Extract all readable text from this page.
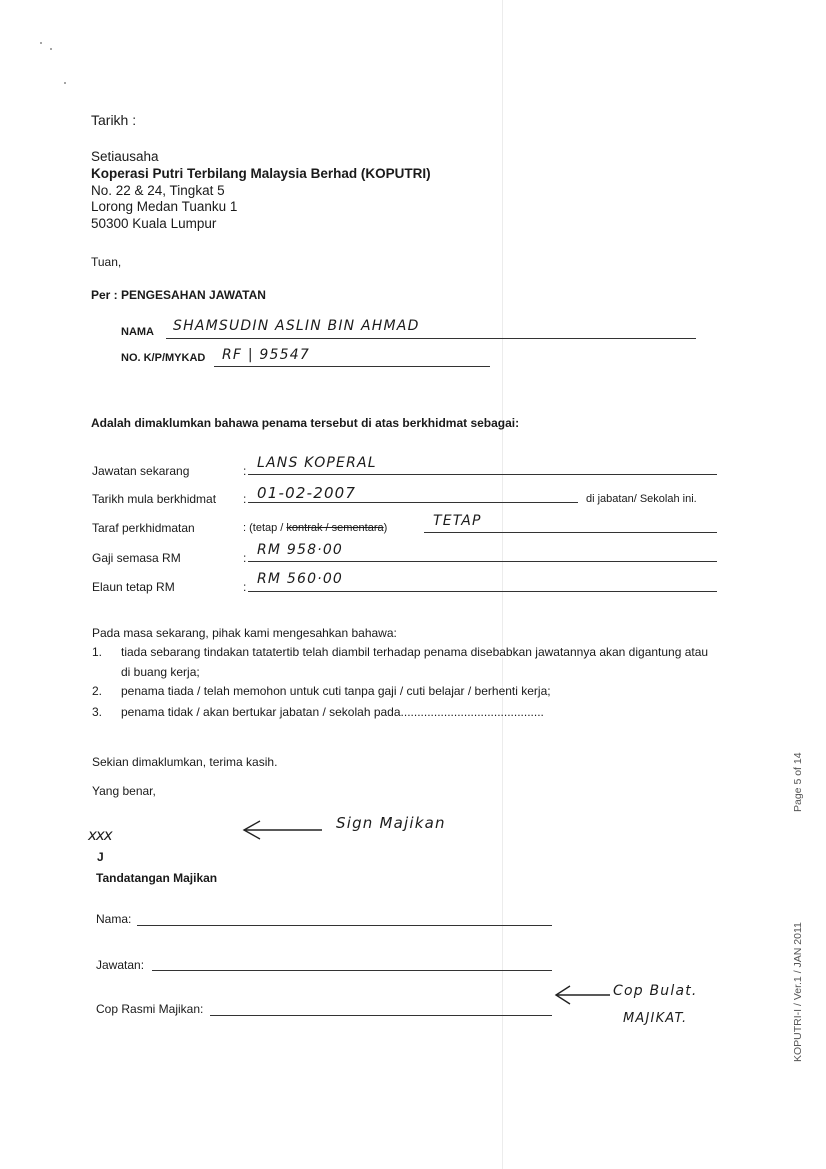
Tarikh :
Setiausaha
Koperasi Putri Terbilang Malaysia Berhad (KOPUTRI)
No. 22 & 24, Tingkat 5
Lorong Medan Tuanku 1
50300 Kuala Lumpur
Tuan,
Per : PENGESAHAN JAWATAN
NAMA SHAMSUDIN ASLIN BIN AHMAD
NO. K/P/MYKAD RF | 95547
Adalah dimaklumkan bahawa penama tersebut di atas berkhidmat sebagai:
Jawatan sekarang	: LANS KOPERAL
Tarikh mula berkhidmat : 01-02-2007	di jabatan/ Sekolah ini.
Taraf perkhidmatan	: (tetap / kontrak / sementara)	TETAP
Gaji semasa RM	: RM 958·00
Elaun tetap RM	: RM 560·00
Pada masa sekarang, pihak kami mengesahkan bahawa:
1. tiada sebarang tindakan tatatertib telah diambil terhadap penama disebabkan jawatannya akan digantung atau
di buang kerja;
2. penama tiada / telah memohon untuk cuti tanpa gaji / cuti belajar / berhenti kerja;
3. penama tidak / akan bertukar jabatan / sekolah pada...........................................
Sekian dimaklumkan, terima kasih.
Yang benar,
xxx
J
Sign Majikan
Tandatangan Majikan
Nama:
Jawatan:
Cop Rasmi Majikan:
Cop Bulat.
MAJIKAT.
Page 5 of 14
KOPUTRI-I / Ver.1 / JAN 2011
